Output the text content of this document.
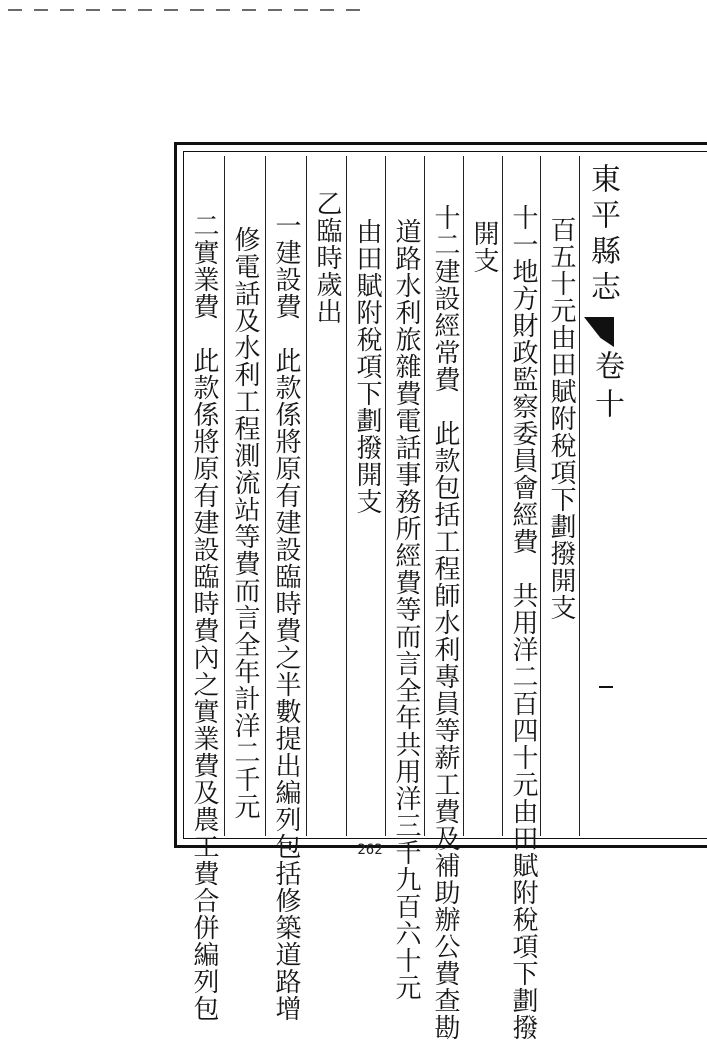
東平縣志
卷十
百五十元由田賦附稅項下劃撥開支
十一地方財政監察委員會經費　共用洋二百四十元由田賦附稅項下劃撥
開支
十二建設經常費　此款包括工程師水利專員等薪工費及補助辦公費查勘
道路水利旅雜費電話事務所經費等而言全年共用洋三千九百六十元
由田賦附稅項下劃撥開支
乙臨時歲出
一建設費　此款係將原有建設臨時費之半數提出編列包括修築道路增
修電話及水利工程測流站等費而言全年計洋二千元
二實業費　此款係將原有建設臨時費內之實業費及農工費合併編列包	262
